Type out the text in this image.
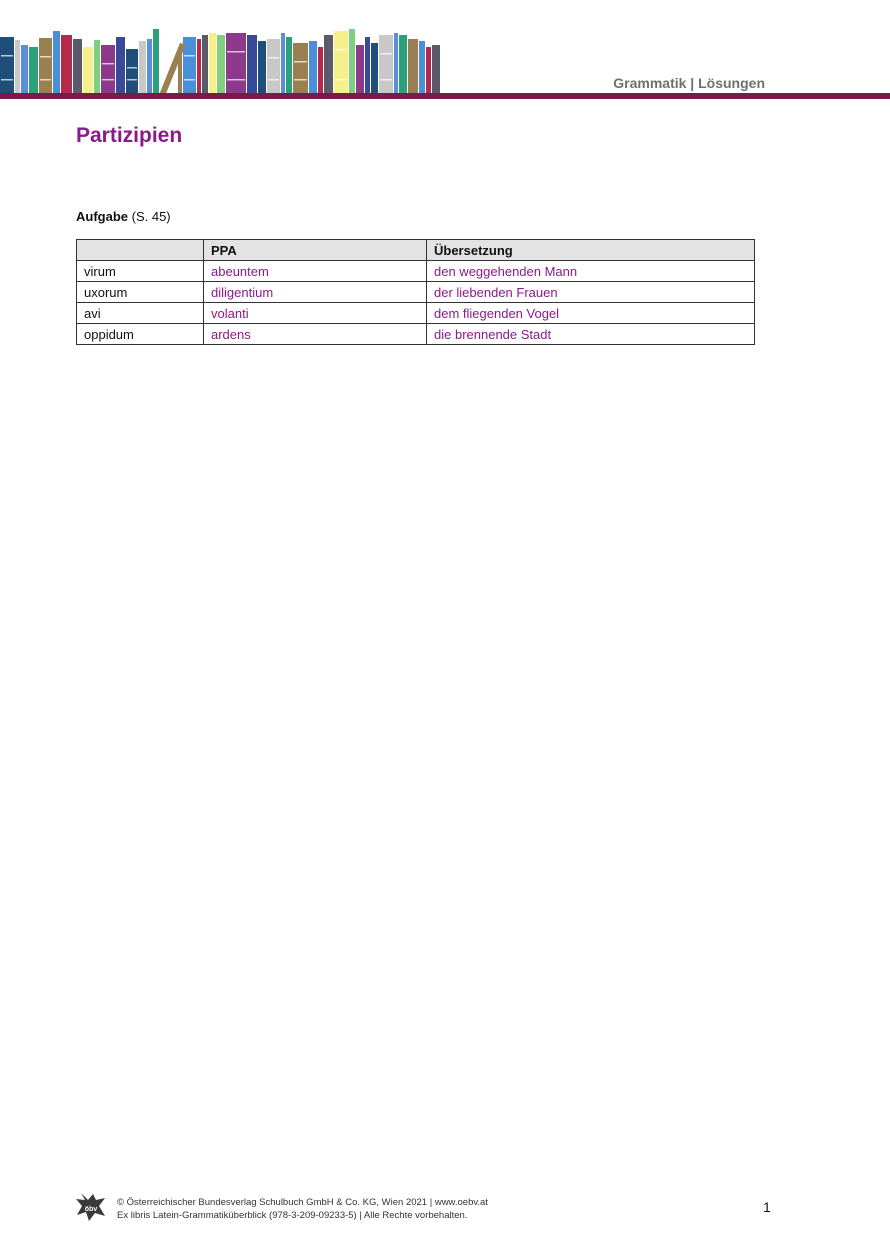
Grammatik | Lösungen
Partizipien
Aufgabe (S. 45)
	PPA	Übersetzung
virum	abeuntem	den weggehenden Mann
uxorum	diligentium	der liebenden Frauen
avi	volanti	dem fliegenden Vogel
oppidum	ardens	die brennende Stadt
öbv
© Österreichischer Bundesverlag Schulbuch GmbH & Co. KG, Wien 2021 | www.oebv.at
Ex libris Latein-Grammatiküberblick (978-3-209-09233-5) | Alle Rechte vorbehalten.
1
